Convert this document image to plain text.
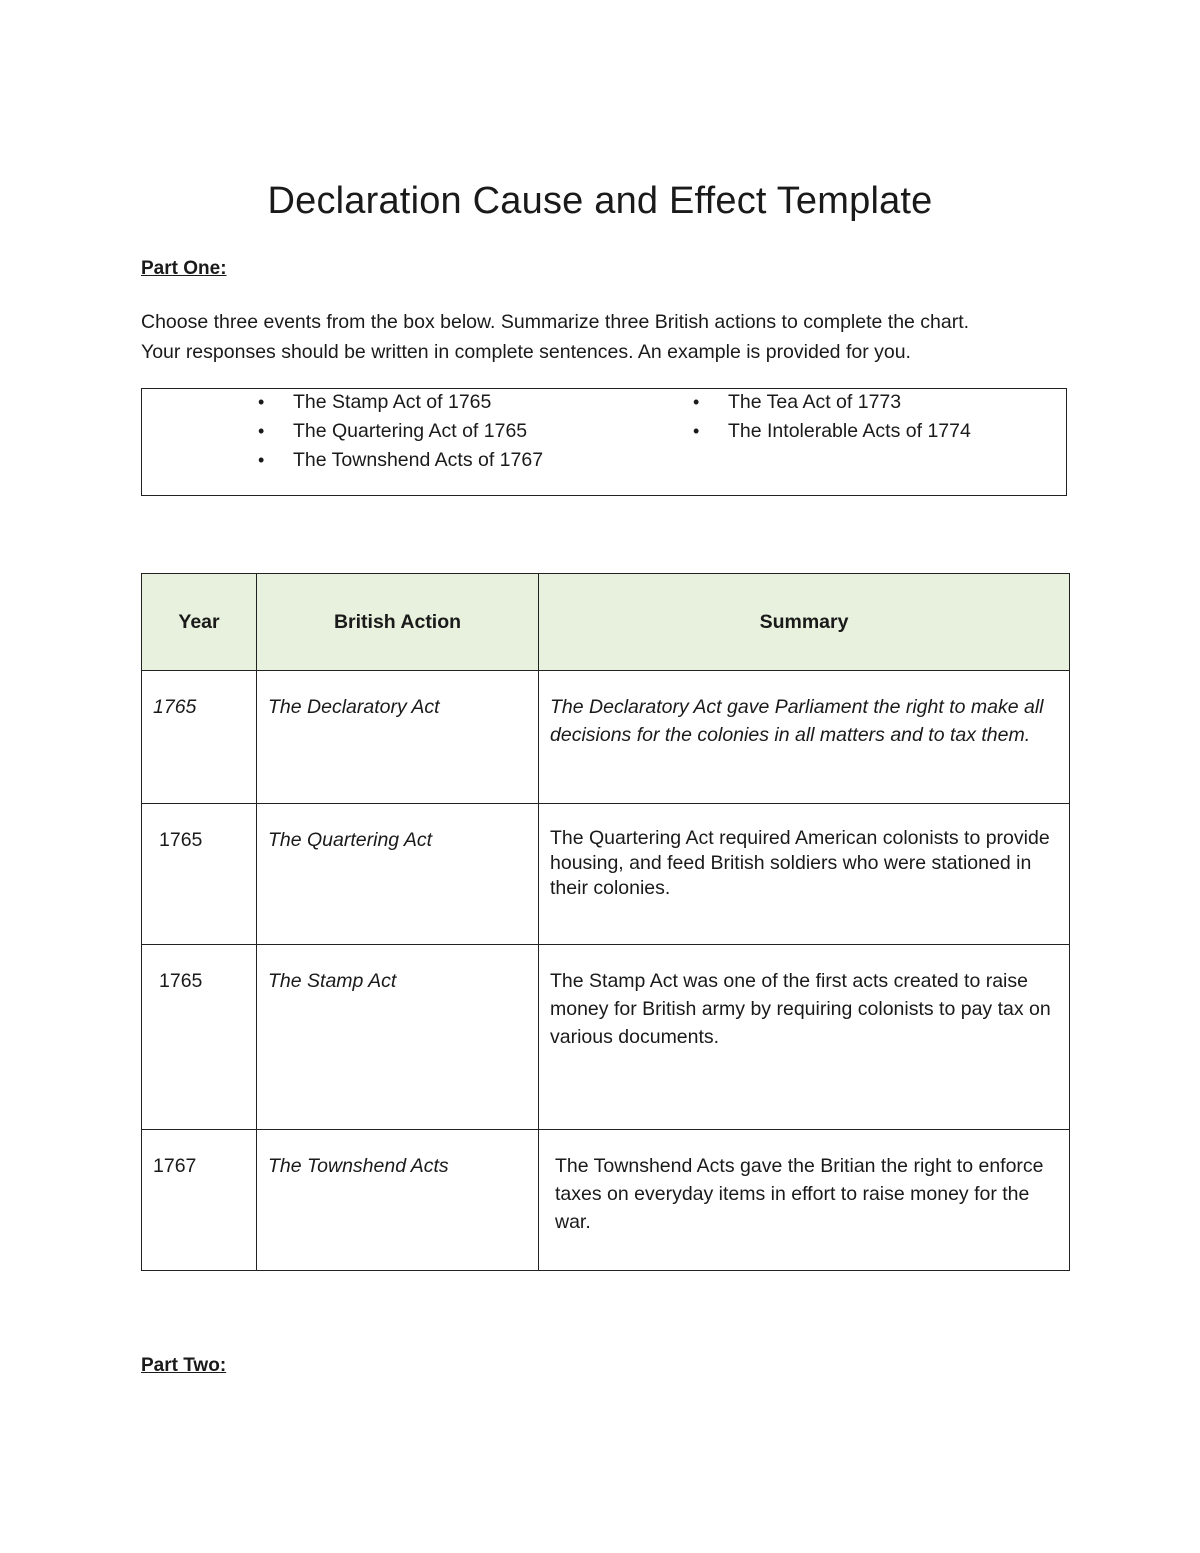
Declaration Cause and Effect Template

Part One:

Choose three events from the box below. Summarize three British actions to complete the chart.
Your responses should be written in complete sentences. An example is provided for you.
• The Stamp Act of 1765
• The Quartering Act of 1765
• The Townshend Acts of 1767
• The Tea Act of 1773
• The Intolerable Acts of 1774
Year	British Action	Summary

1765	The Declaratory Act	The Declaratory Act gave Parliament the right to make all decisions for the colonies in all matters and to tax them.

1765	The Quartering Act	The Quartering Act required American colonists to provide housing, and feed British soldiers who were stationed in their colonies.

1765	The Stamp Act	The Stamp Act was one of the first acts created to raise money for British army by requiring colonists to pay tax on various documents.

1767	The Townshend Acts	The Townshend Acts gave the Britian the right to enforce taxes on everyday items in effort to raise money for the war.

Part Two:
